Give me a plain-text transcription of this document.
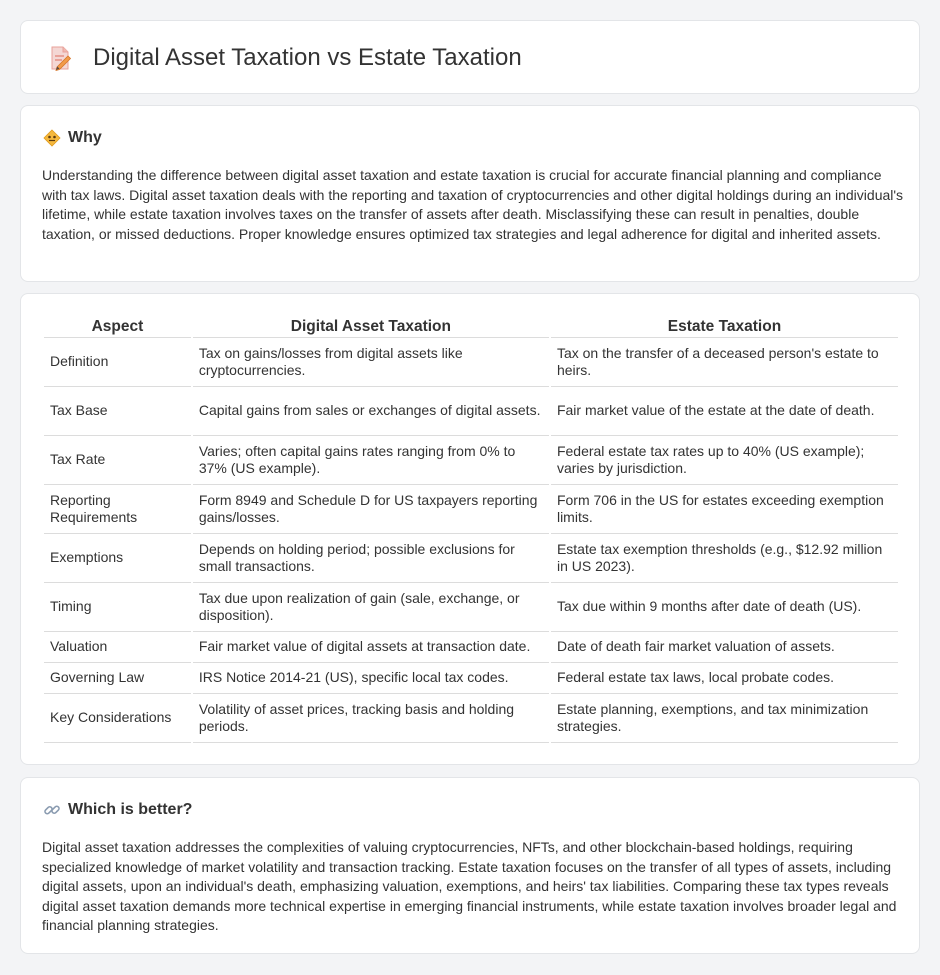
Digital Asset Taxation vs Estate Taxation
Why

Understanding the difference between digital asset taxation and estate taxation is crucial for accurate financial planning and compliance with tax laws. Digital asset taxation deals with the reporting and taxation of cryptocurrencies and other digital holdings during an individual's lifetime, while estate taxation involves taxes on the transfer of assets after death. Misclassifying these can result in penalties, double taxation, or missed deductions. Proper knowledge ensures optimized tax strategies and legal adherence for digital and inherited assets.

Aspect	Digital Asset Taxation	Estate Taxation
Definition	Tax on gains/losses from digital assets like cryptocurrencies.	Tax on the transfer of a deceased person's estate to heirs.
Tax Base	Capital gains from sales or exchanges of digital assets.	Fair market value of the estate at the date of death.
Tax Rate	Varies; often capital gains rates ranging from 0% to 37% (US example).	Federal estate tax rates up to 40% (US example); varies by jurisdiction.
Reporting Requirements	Form 8949 and Schedule D for US taxpayers reporting gains/losses.	Form 706 in the US for estates exceeding exemption limits.
Exemptions	Depends on holding period; possible exclusions for small transactions.	Estate tax exemption thresholds (e.g., $12.92 million in US 2023).
Timing	Tax due upon realization of gain (sale, exchange, or disposition).	Tax due within 9 months after date of death (US).
Valuation	Fair market value of digital assets at transaction date.	Date of death fair market valuation of assets.
Governing Law	IRS Notice 2014-21 (US), specific local tax codes.	Federal estate tax laws, local probate codes.
Key Considerations	Volatility of asset prices, tracking basis and holding periods.	Estate planning, exemptions, and tax minimization strategies.
Which is better?

Digital asset taxation addresses the complexities of valuing cryptocurrencies, NFTs, and other blockchain-based holdings, requiring specialized knowledge of market volatility and transaction tracking. Estate taxation focuses on the transfer of all types of assets, including digital assets, upon an individual's death, emphasizing valuation, exemptions, and heirs' tax liabilities. Comparing these tax types reveals digital asset taxation demands more technical expertise in emerging financial instruments, while estate taxation involves broader legal and financial planning strategies.
